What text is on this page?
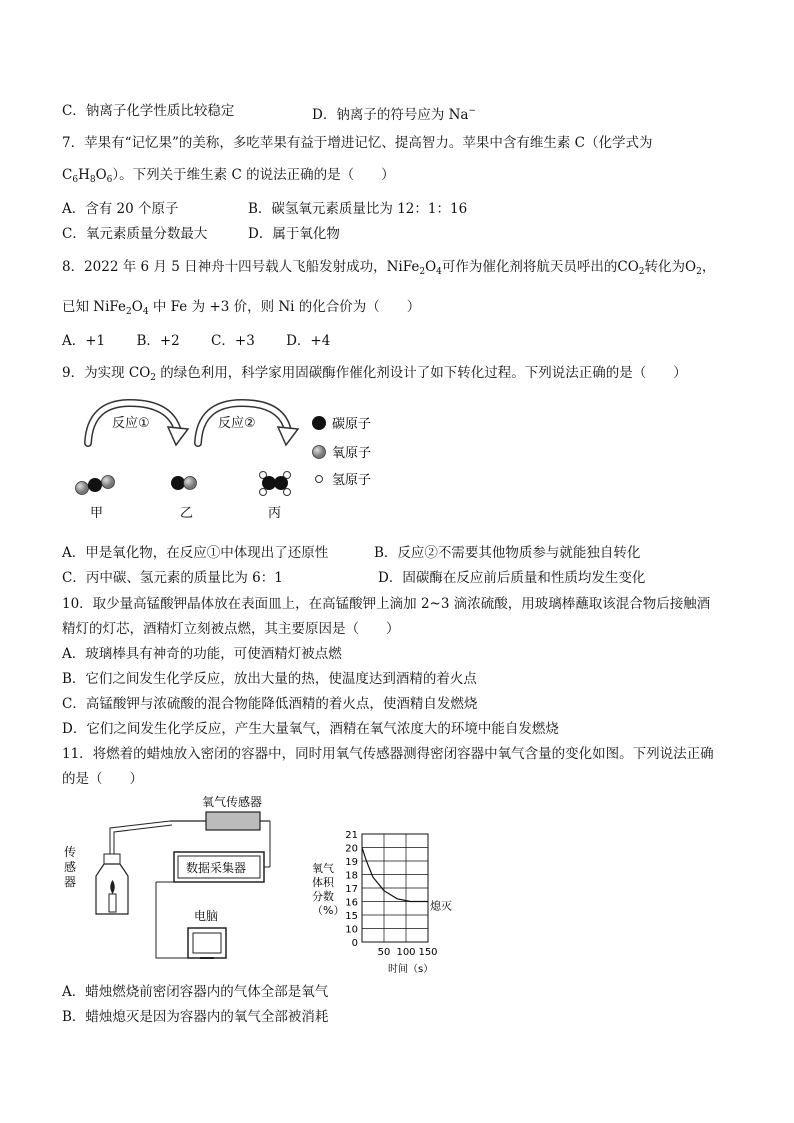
C．钠离子化学性质比较稳定	D．钠离子的符号应为 Na−
7．苹果有“记忆果”的美称，多吃苹果有益于增进记忆、提高智力。苹果中含有维生素 C（化学式为
$C_6H_8O_6$）。下列关于维生素 C 的说法正确的是（　　）
A．含有 20 个原子	B．碳氢氧元素质量比为 12：1：16
C．氧元素质量分数最大	D．属于氧化物
8．2022 年 6 月 5 日神舟十四号载人飞船发射成功，$NiFe_2O_4$可作为催化剂将航天员呼出的$CO_2$转化为$O_2$，
已知 $NiFe_2O_4$ 中 Fe 为 +3 价，则 Ni 的化合价为（　　）
A．+1　　 B．+2　　 C．+3　　 D．+4
9．为实现 $CO_2$ 的绿色利用，科学家用固碳酶作催化剂设计了如下转化过程。下列说法正确的是（　　）
反应①	反应②
甲	乙	丙
碳原子
氧原子
氢原子
A．甲是氧化物，在反应①中体现出了还原性	B．反应②不需要其他物质参与就能独自转化
C．丙中碳、氢元素的质量比为 6：1	D．固碳酶在反应前后质量和性质均发生变化
10．取少量高锰酸钾晶体放在表面皿上，在高锰酸钾上滴加 2~3 滴浓硫酸，用玻璃棒蘸取该混合物后接触酒
精灯的灯芯，酒精灯立刻被点燃，其主要原因是（　　）
A．玻璃棒具有神奇的功能，可使酒精灯被点燃
B．它们之间发生化学反应，放出大量的热，使温度达到酒精的着火点
C．高锰酸钾与浓硫酸的混合物能降低酒精的着火点，使酒精自发燃烧
D．它们之间发生化学反应，产生大量氧气，酒精在氧气浓度大的环境中能自发燃烧
11．将燃着的蜡烛放入密闭的容器中，同时用氧气传感器测得密闭容器中氧气含量的变化如图。下列说法正确
的是（　　）
氧气传感器
传
感
器
数据采集器
电脑
氧气
体积
分数
（%）
21
20
19
18
17
16
15
10
0
50 100 150
熄灭
时间（s）
A．蜡烛燃烧前密闭容器内的气体全部是氧气
B．蜡烛熄灭是因为容器内的氧气全部被消耗
